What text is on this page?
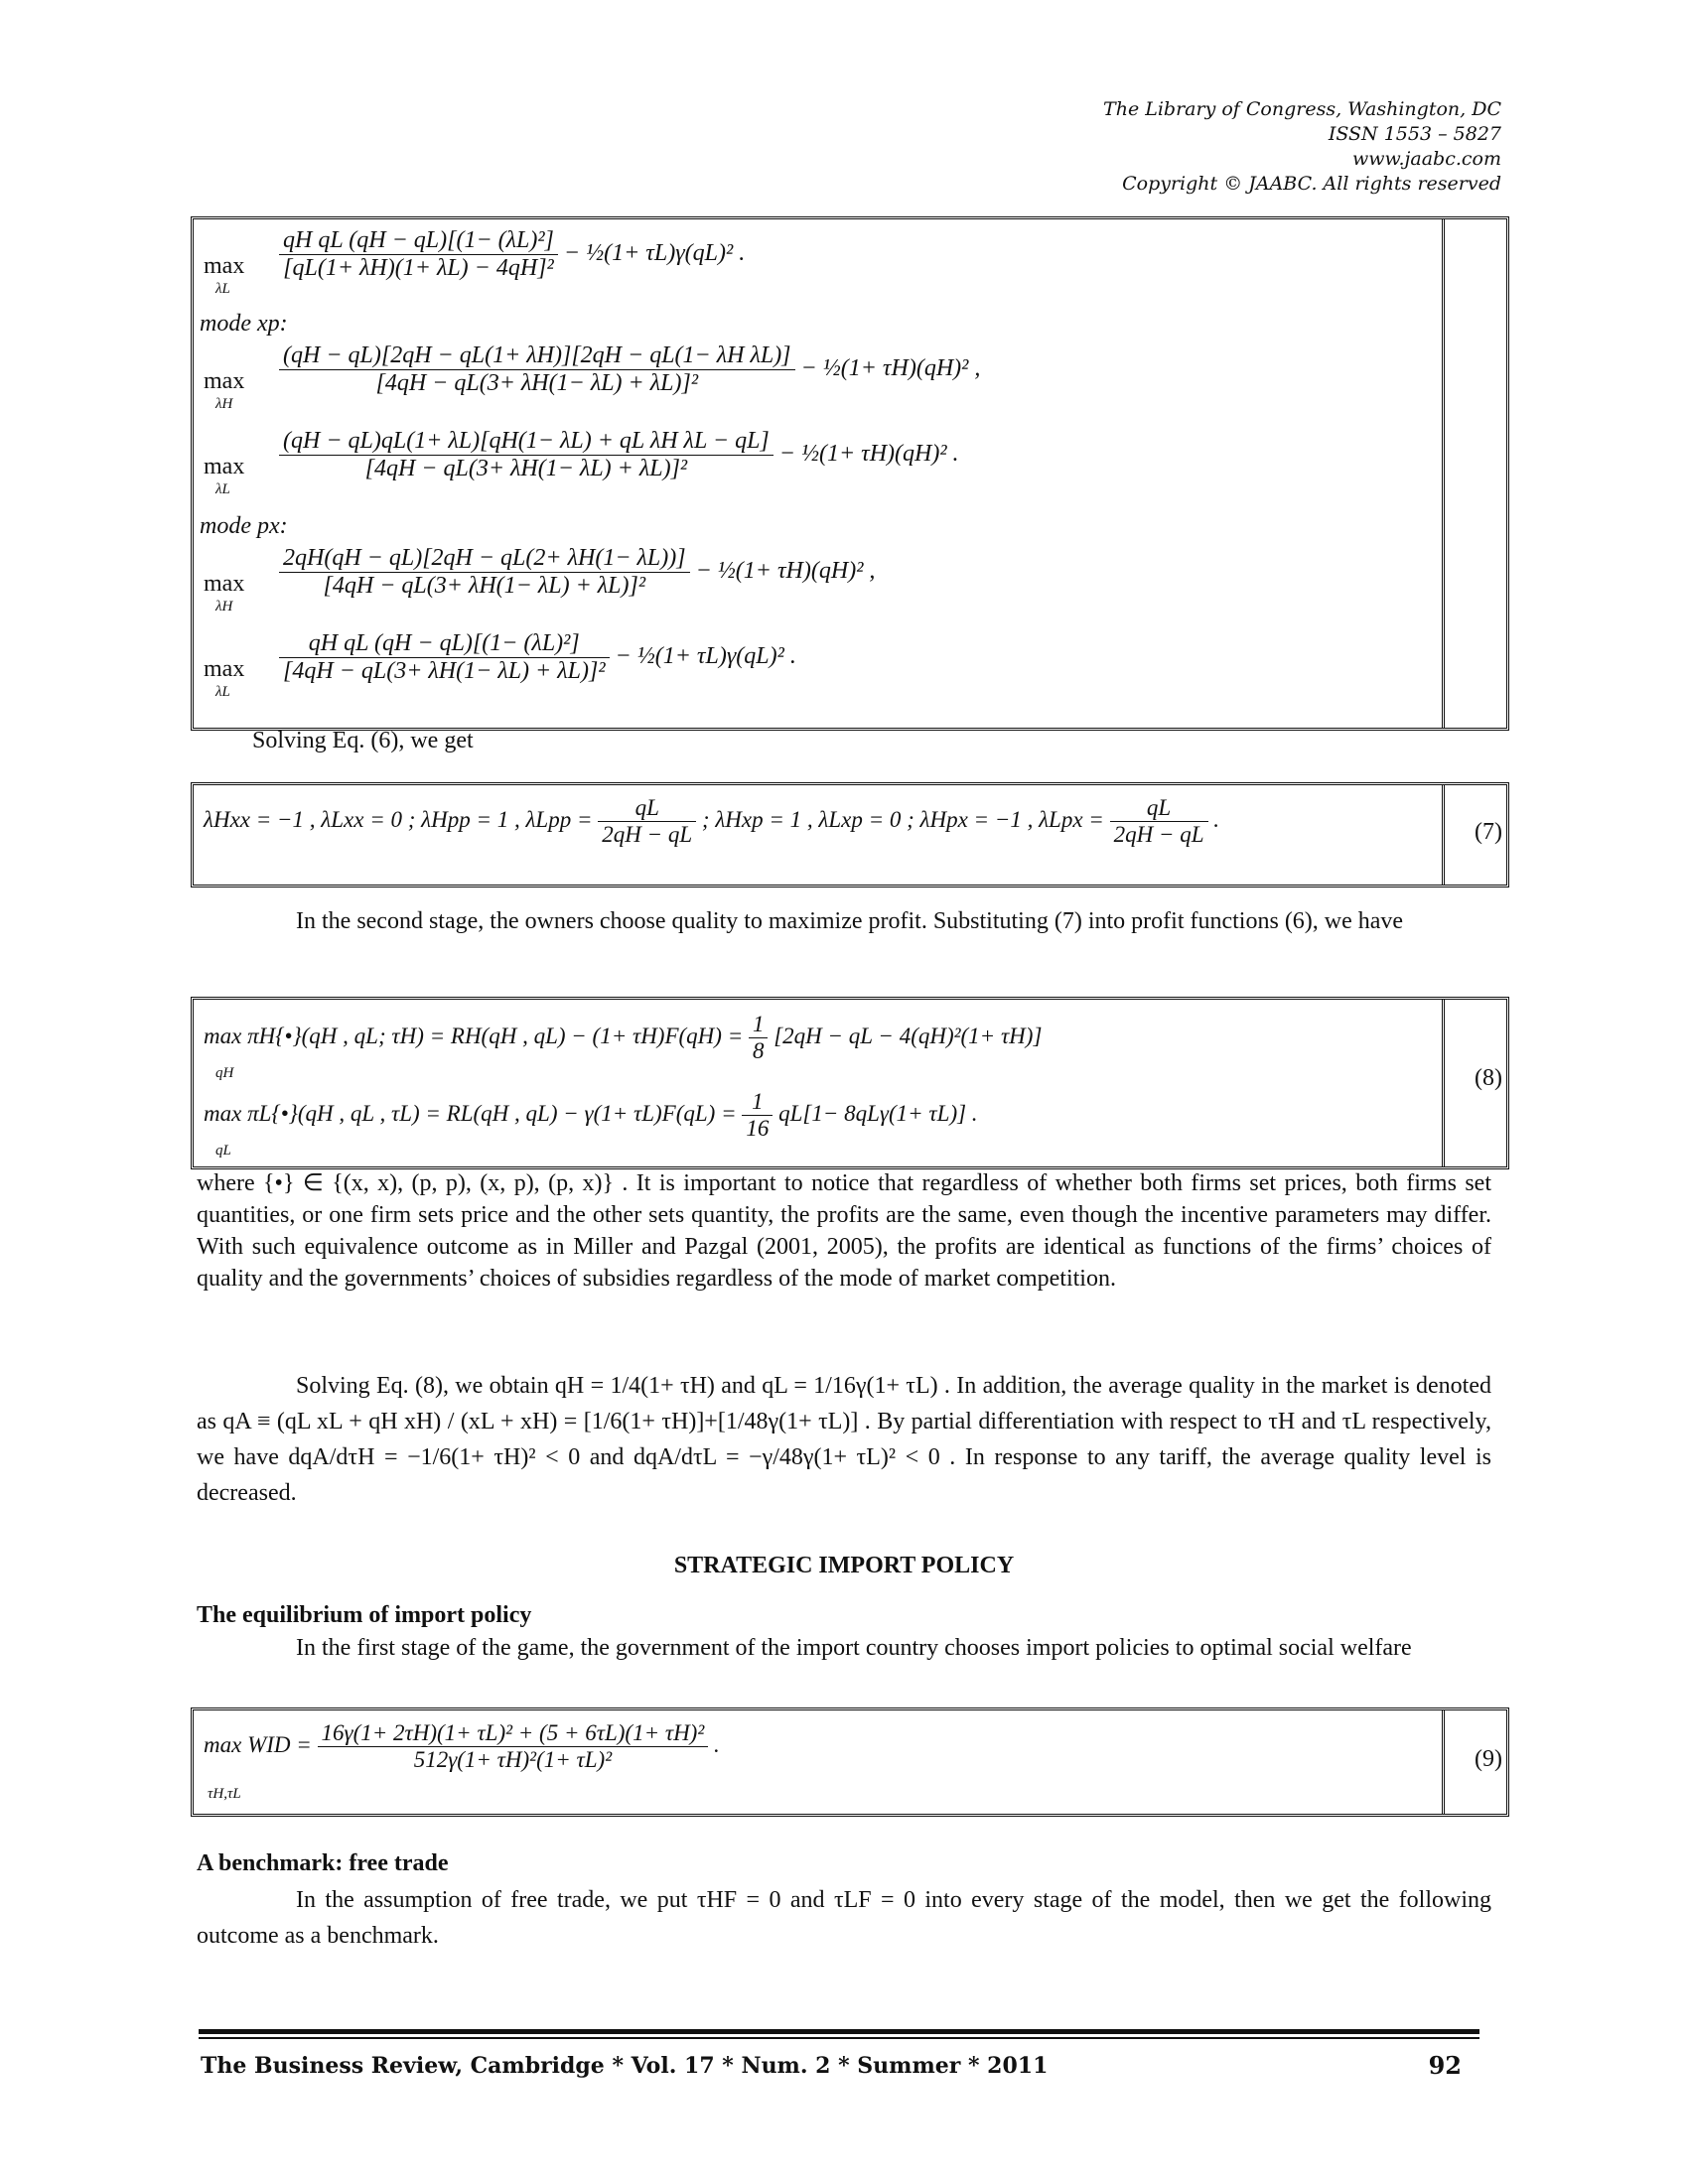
The Library of Congress, Washington, DC
ISSN 1553 – 5827
www.jaabc.com
Copyright © JAABC. All rights reserved
max
λL
$\frac{\text{qH qL (qH − qL)[(1− (λL)²]}}{\text{[qL(1+ λH)(1+ λL) − 4qH]²}}$ − ½(1+ τL)γ(qL)² .
mode xp:
max
λH
$\frac{\text{(qH − qL)[2qH − qL(1+ λH)][2qH − qL(1− λH λL)]}}{\text{[4qH − qL(3+ λH(1− λL) + λL)]²}}$ − ½(1+ τH)(qH)² ,
max
λL
$\frac{\text{(qH − qL)qL(1+ λL)[qH(1− λL) + qL λH λL − qL]}}{\text{[4qH − qL(3+ λH(1− λL) + λL)]²}}$ − ½(1+ τH)(qH)² .
mode px:
max
λH
$\frac{2qH(qH - qL)[2qH - qL(2+ \lambda H(1- \lambda L))]}{\text{[4qH − qL(3+ λH(1− λL) + λL)]²}}$ − ½(1+ τH)(qH)² ,
max
λL
$\frac{\text{qH qL (qH − qL)[(1− (λL)²]}}{\text{[4qH − qL(3+ λH(1− λL) + λL)]²}}$ − ½(1+ τL)γ(qL)² .
Solving Eq. (6), we get
λHxx = −1 , λLxx = 0 ; λHpp = 1 , $\lambda Lpp = \frac{qL}{2qH - qL}$ ; λHxp = 1 , λLxp = 0 ; λHpx = −1 , $\lambda Lpx = \frac{qL}{2qH - qL}$ .	(7)
In the second stage, the owners choose quality to maximize profit. Substituting (7) into profit functions (6), we have
max πH{•}(qH , qL; τH) = RH(qH , $qL) - (1+ \tau H)F(qH) = \frac{1}{8} [2qH$ − qL − 4(qH)²(1+ τH)]
qH
max πL{•}(qH , qL , τL) = RL(qH , $qL) - \gamma(1+ \tau L)F(qL) = \frac{1}{16} qL[1- 8qL\gamma(1+ \tau L)]$ .
qL
(8)
where {•} ∈ {(x, x), (p, p), (x, p), (p, x)} . It is important to notice that regardless of whether both firms set prices, both firms set quantities, or one firm sets price and the other sets quantity, the profits are the same, even though the incentive parameters may differ. With such equivalence outcome as in Miller and Pazgal (2001, 2005), the profits are identical as functions of the firms’ choices of quality and the governments’ choices of subsidies regardless of the mode of market competition.
Solving Eq. (8), we obtain qH = 1/4(1+ τH) and qL = 1/16γ(1+ τL) . In addition, the average quality in the market is denoted as qA ≡ (qL xL + qH xH) / (xL + xH) = [1/6(1+ τH)]+[1/48γ(1+ τL)] . By partial differentiation with respect to τH and τL respectively, we have dqA/dτH = −1/6(1+ τH)² < 0 and dqA/dτL = −γ/48γ(1+ τL)² < 0 . In response to any tariff, the average quality level is decreased.
STRATEGIC IMPORT POLICY
The equilibrium of import policy
In the first stage of the game, the government of the import country chooses import policies to optimal social welfare
max WID = $\frac{\text{16γ(1+ 2τH)(1+ τL)² + (5 + 6τL)(1+ τH)²}}{\text{512γ(1+ τH)²(1+ τL)²}}$ .
τH,τL
(9)
A benchmark: free trade
In the assumption of free trade, we put τHF = 0 and τLF = 0 into every stage of the model, then we get the following outcome as a benchmark.
The Business Review, Cambridge * Vol. 17 * Num. 2 * Summer * 2011	92
